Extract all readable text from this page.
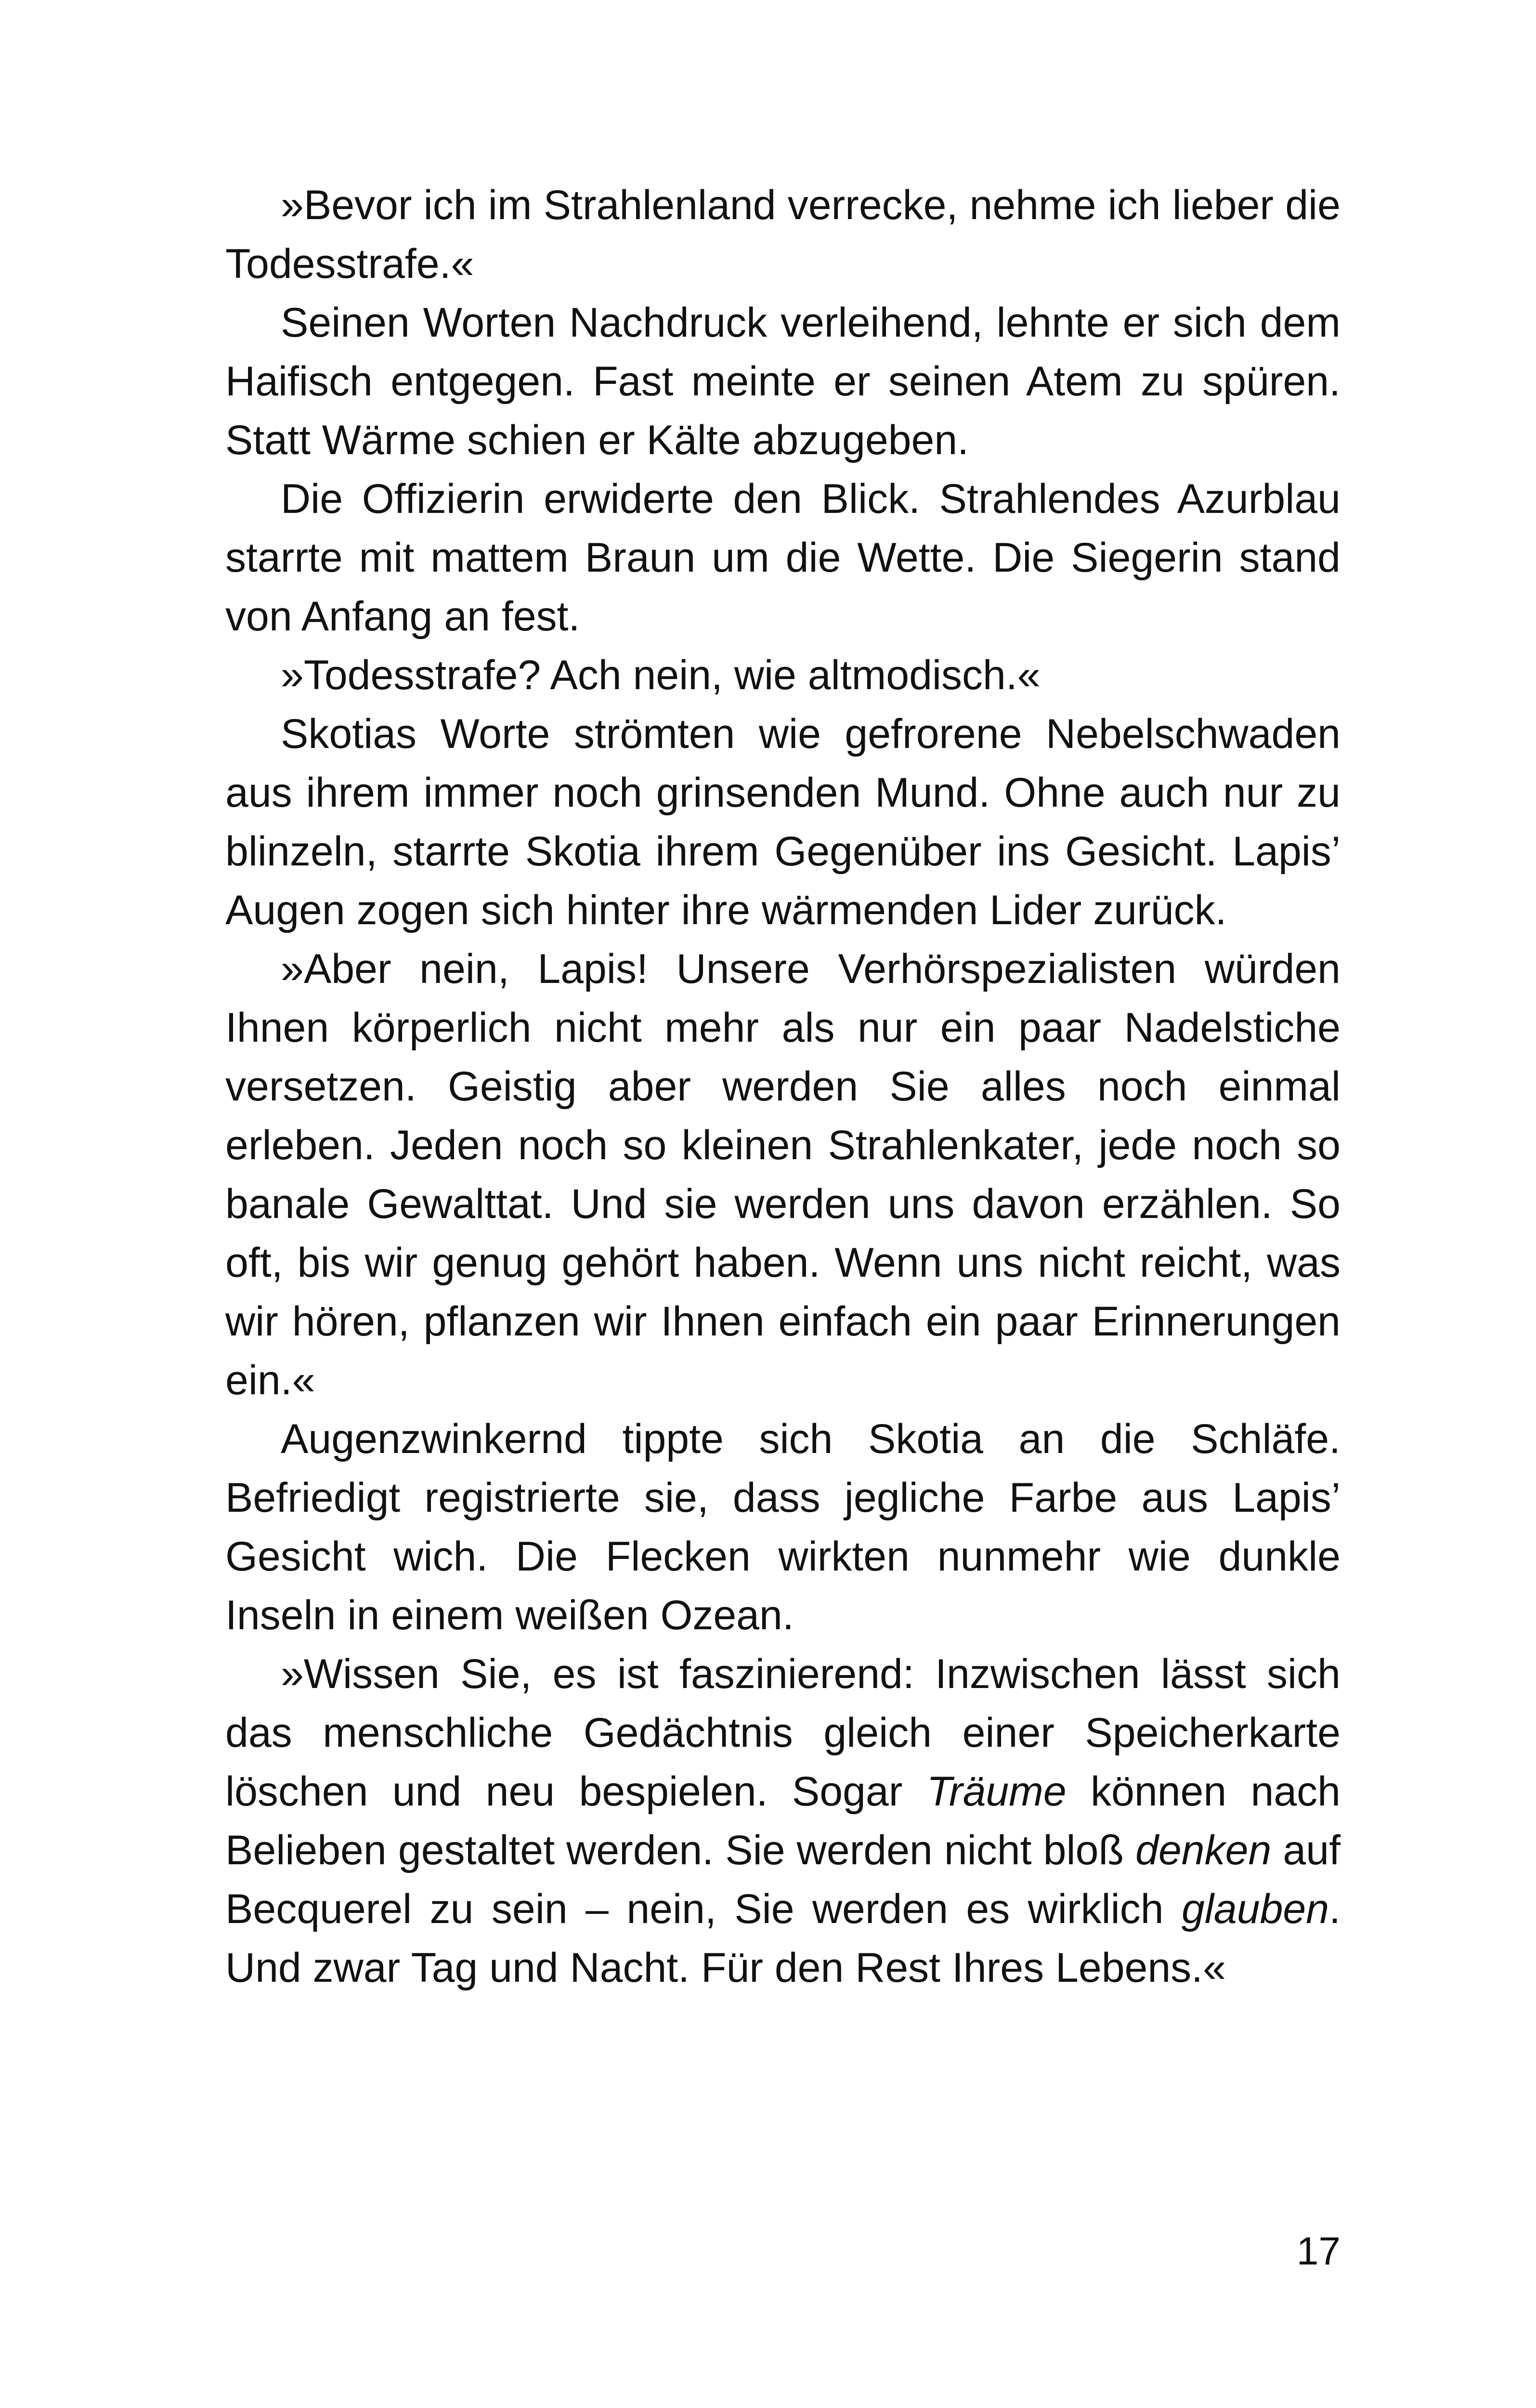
»Bevor ich im Strahlenland verrecke, nehme ich lieber die Todesstrafe.«

Seinen Worten Nachdruck verleihend, lehnte er sich dem Haifisch entgegen. Fast meinte er seinen Atem zu spüren. Statt Wärme schien er Kälte abzugeben.

Die Offizierin erwiderte den Blick. Strahlendes Azurblau starrte mit mattem Braun um die Wette. Die Siegerin stand von Anfang an fest.

»Todesstrafe? Ach nein, wie altmodisch.«

Skotias Worte strömten wie gefrorene Nebelschwaden aus ihrem immer noch grinsenden Mund. Ohne auch nur zu blinzeln, starrte Skotia ihrem Gegenüber ins Gesicht. Lapis’ Augen zogen sich hinter ihre wärmenden Lider zurück.

»Aber nein, Lapis! Unsere Verhörspezialisten würden Ihnen körperlich nicht mehr als nur ein paar Nadelstiche versetzen. Geistig aber werden Sie alles noch einmal erleben. Jeden noch so kleinen Strahlenkater, jede noch so banale Gewalttat. Und sie werden uns davon erzählen. So oft, bis wir genug gehört haben. Wenn uns nicht reicht, was wir hören, pflanzen wir Ihnen einfach ein paar Erinnerungen ein.«

Augenzwinkernd tippte sich Skotia an die Schläfe. Befriedigt registrierte sie, dass jegliche Farbe aus Lapis’ Gesicht wich. Die Flecken wirkten nunmehr wie dunkle Inseln in einem weißen Ozean.

»Wissen Sie, es ist faszinierend: Inzwischen lässt sich das menschliche Gedächtnis gleich einer Speicherkarte löschen und neu bespielen. Sogar Träume können nach Belieben gestaltet werden. Sie werden nicht bloß denken auf Becquerel zu sein – nein, Sie werden es wirklich glauben. Und zwar Tag und Nacht. Für den Rest Ihres Lebens.«

17
